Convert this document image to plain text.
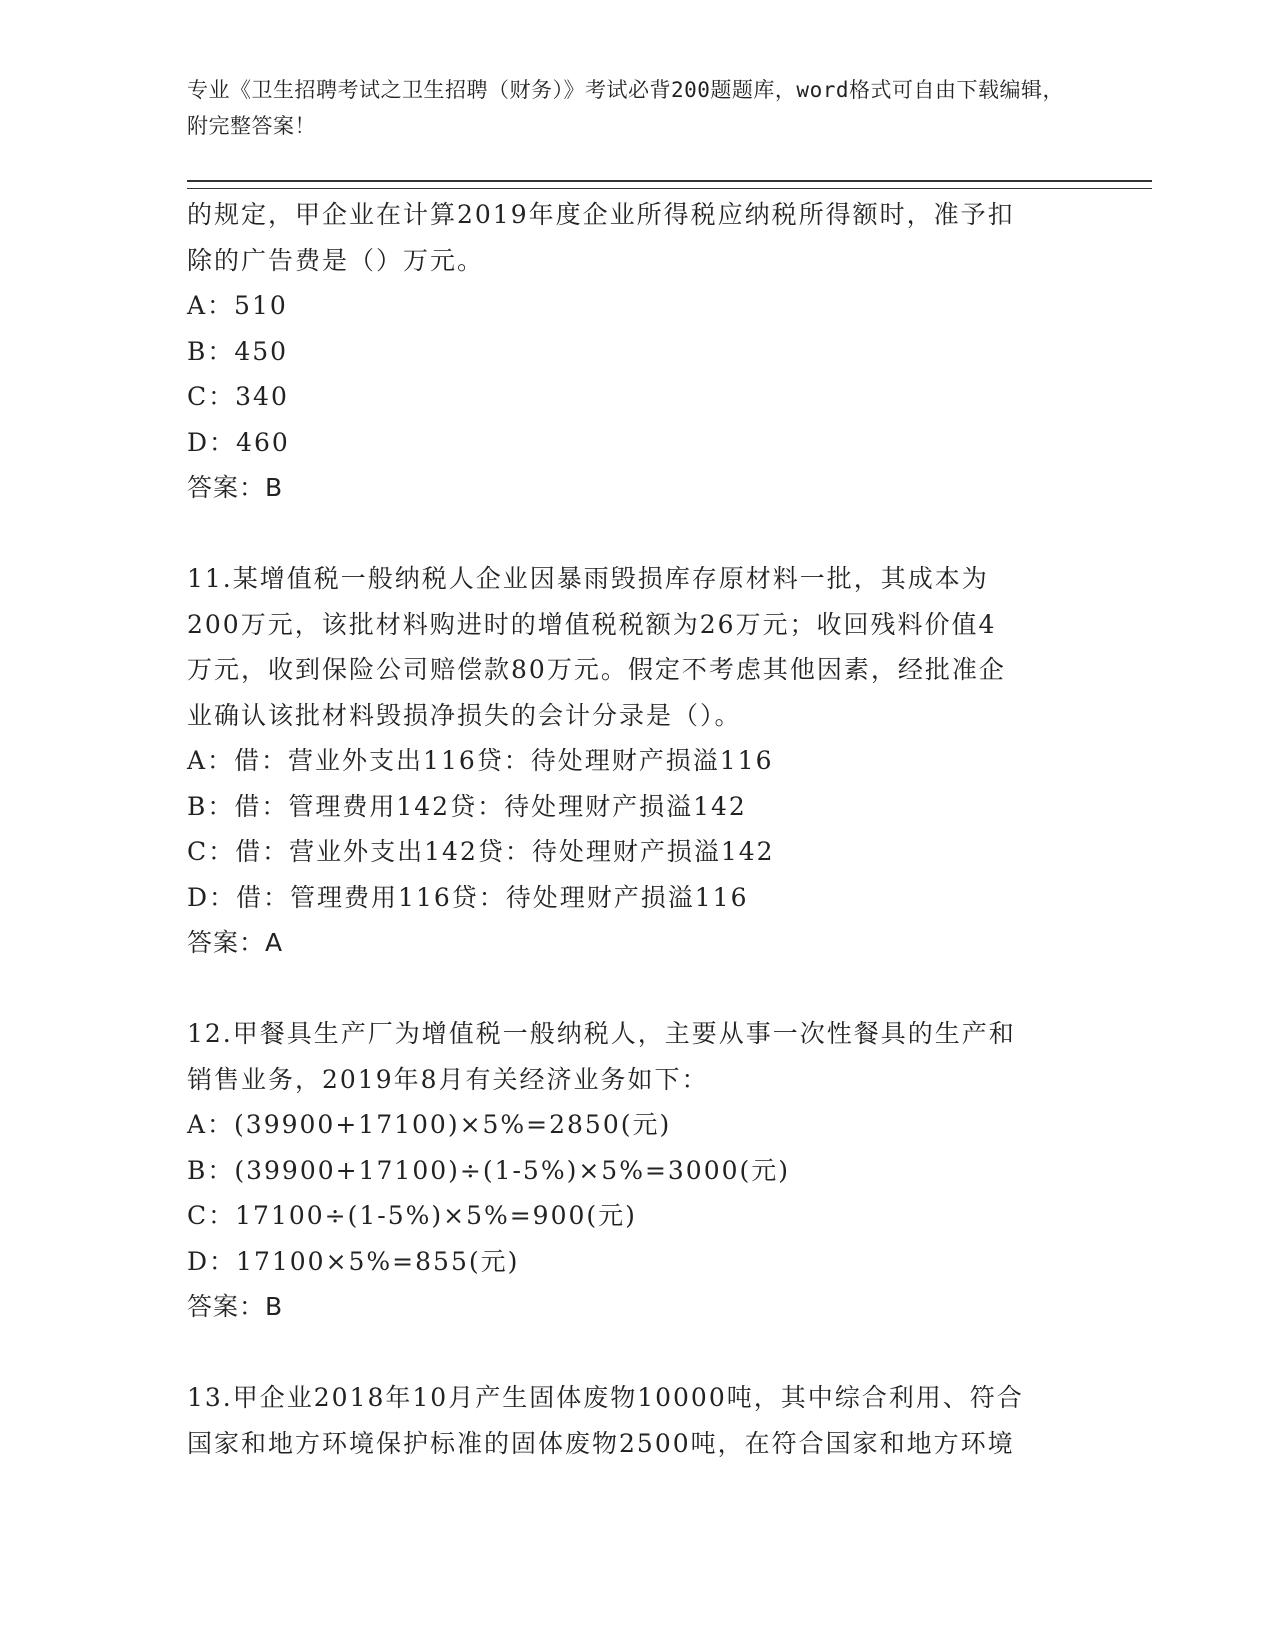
专业《卫生招聘考试之卫生招聘（财务）》考试必背200题题库，word格式可自由下载编辑，附完整答案！

的规定，甲企业在计算2019年度企业所得税应纳税所得额时，准予扣

除的广告费是（）万元。

A：510

B：450

C：340

D：460

答案：B

11.某增值税一般纳税人企业因暴雨毁损库存原材料一批，其成本为

200万元，该批材料购进时的增值税税额为26万元；收回残料价值4

万元，收到保险公司赔偿款80万元。假定不考虑其他因素，经批准企

业确认该批材料毁损净损失的会计分录是（）。

A：借：营业外支出116贷：待处理财产损溢116

B：借：管理费用142贷：待处理财产损溢142

C：借：营业外支出142贷：待处理财产损溢142

D：借：管理费用116贷：待处理财产损溢116

答案：A

12.甲餐具生产厂为增值税一般纳税人，主要从事一次性餐具的生产和

销售业务，2019年8月有关经济业务如下：

A：(39900+17100)×5%=2850(元)

B：(39900+17100)÷(1-5%)×5%=3000(元)

C：17100÷(1-5%)×5%=900(元)

D：17100×5%=855(元)

答案：B

13.甲企业2018年10月产生固体废物10000吨，其中综合利用、符合

国家和地方环境保护标准的固体废物2500吨，在符合国家和地方环境
